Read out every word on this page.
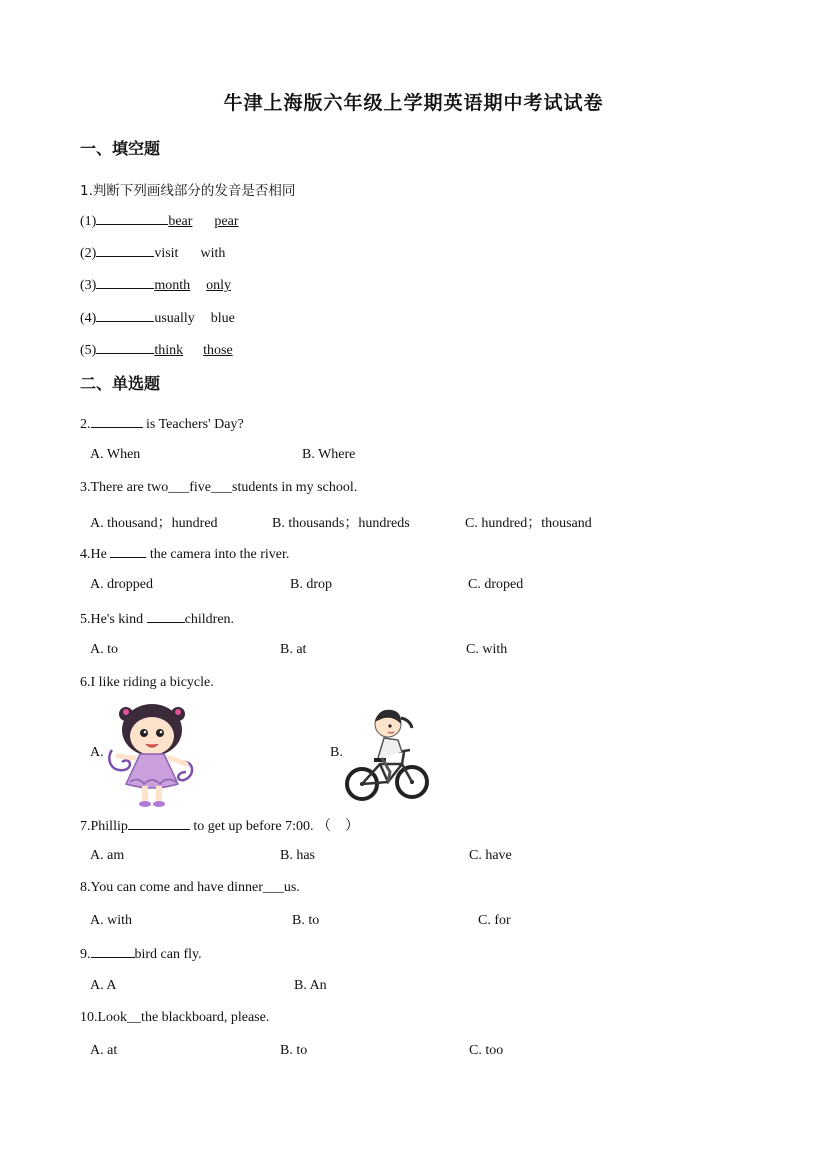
牛津上海版六年级上学期英语期中考试试卷
一、填空题
1.判断下列画线部分的发音是否相同
(1)	bear pear
(2)	visit with
(3)	month only
(4)	usually blue
(5)	think those
二、单选题
2.	is Teachers' Day?
A. When	B. Where
3.There are two___five___students in my school.
A. thousand；hundred	B. thousands；hundreds	C. hundred；thousand
4.He	the camera into the river.
A. dropped	B. drop	C. droped
5.He's kind	children.
A. to	B. at	C. with
6.I like riding a bicycle.
A.	B.
7.Phillip	to get up before 7:00. （　）
A. am	B. has	C. have
8.You can come and have dinner___us.
A. with	B. to	C. for
9.	bird can fly.
A. A	B. An
10.Look__the blackboard, please.
A. at	B. to	C. too
